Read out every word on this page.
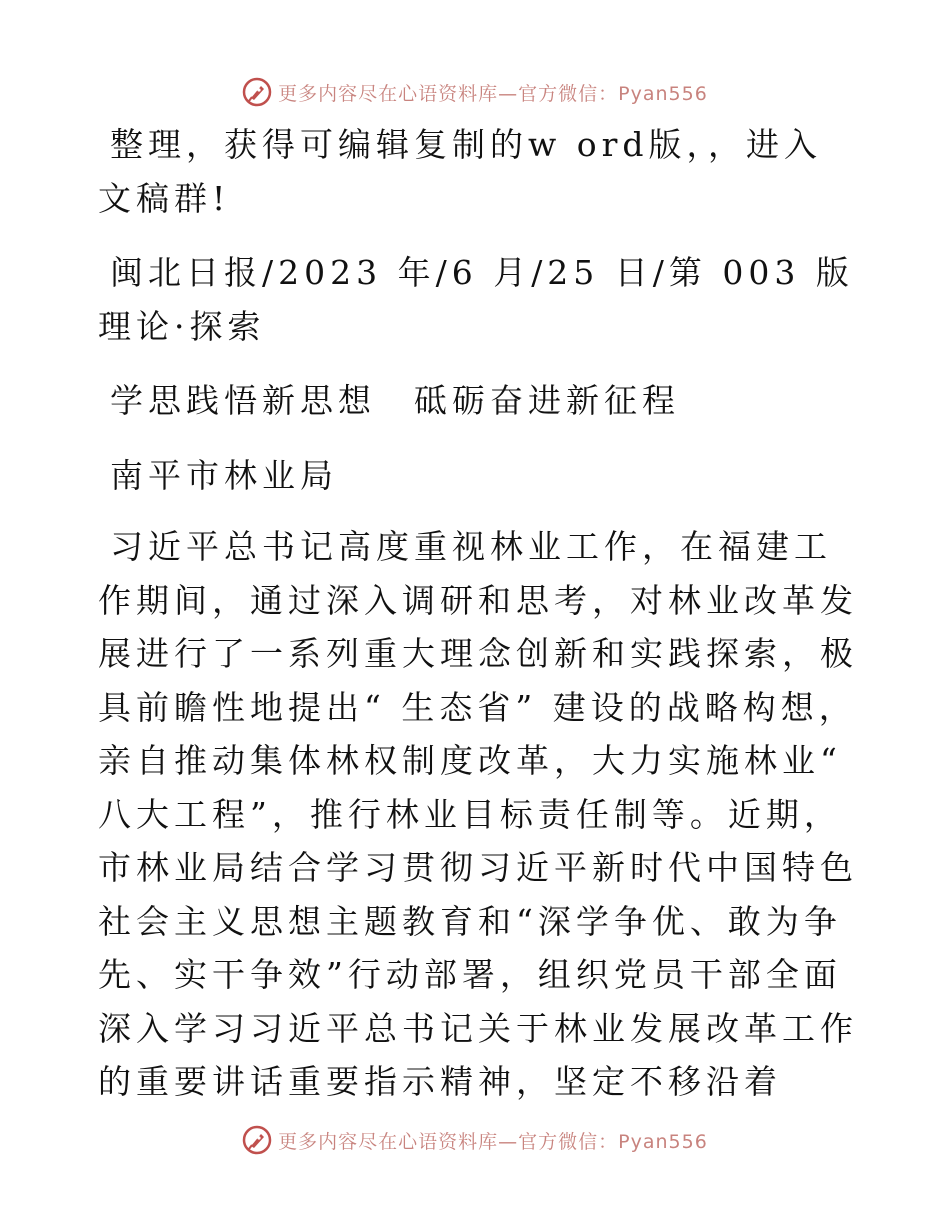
更多内容尽在心语资料库—官方微信：Pyan556

整理，获得可编辑复制的w ord版，，进入文稿群!

闽北日报/2023 年/6 月/25 日/第 003 版理论·探索

学思践悟新思想　砥砺奋进新征程

南平市林业局

习近平总书记高度重视林业工作，在福建工作期间，通过深入调研和思考，对林业改革发展进行了一系列重大理念创新和实践探索，极具前瞻性地提出“ 生态省” 建设的战略构想，亲自推动集体林权制度改革，大力实施林业“ 八大工程”，推行林业目标责任制等。近期，市林业局结合学习贯彻习近平新时代中国特色社会主义思想主题教育和“深学争优、敢为争先、实干争效”行动部署，组织党员干部全面深入学习习近平总书记关于林业发展改革工作的重要讲话重要指示精神，坚定不移沿着

更多内容尽在心语资料库—官方微信：Pyan556
